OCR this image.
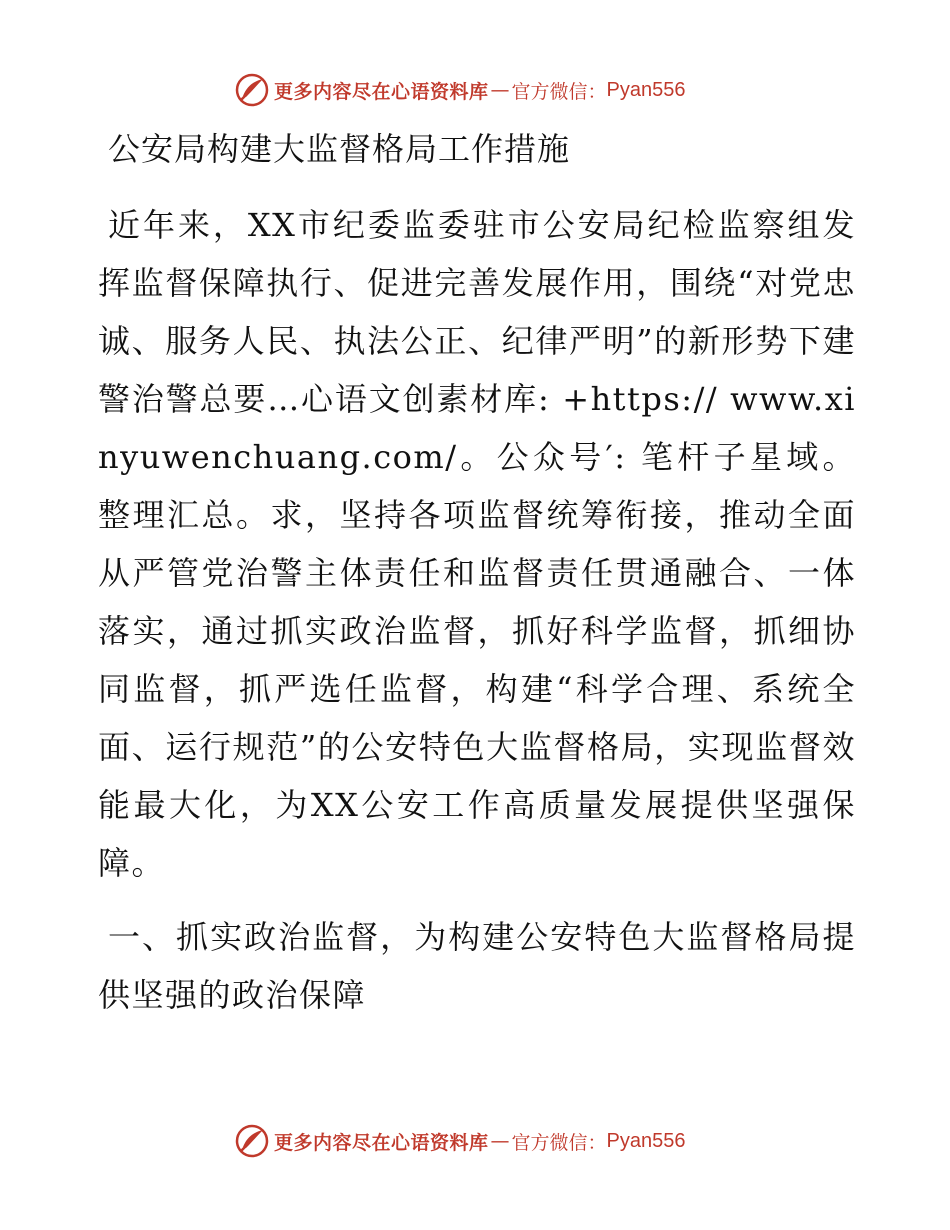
更多内容尽在心语资料库 — 官方微信： Pyan556
公安局构建大监督格局工作措施
近年来，XX市纪委监委驻市公安局纪检监察组发挥监督保障执行、促进完善发展作用，围绕“对党忠诚、服务人民、执法公正、纪律严明”的新形势下建警治警总要…心语文创素材库: +https:// www.xinyuwenchuang.com/。公众号′: 笔杆子星域。整理汇总。求，坚持各项监督统筹衔接，推动全面从严管党治警主体责任和监督责任贯通融合、一体落实，通过抓实政治监督，抓好科学监督，抓细协同监督，抓严选任监督，构建“科学合理、系统全面、运行规范”的公安特色大监督格局，实现监督效能最大化，为XX公安工作高质量发展提供坚强保障。
一、抓实政治监督，为构建公安特色大监督格局提供坚强的政治保障
更多内容尽在心语资料库 — 官方微信： Pyan556
